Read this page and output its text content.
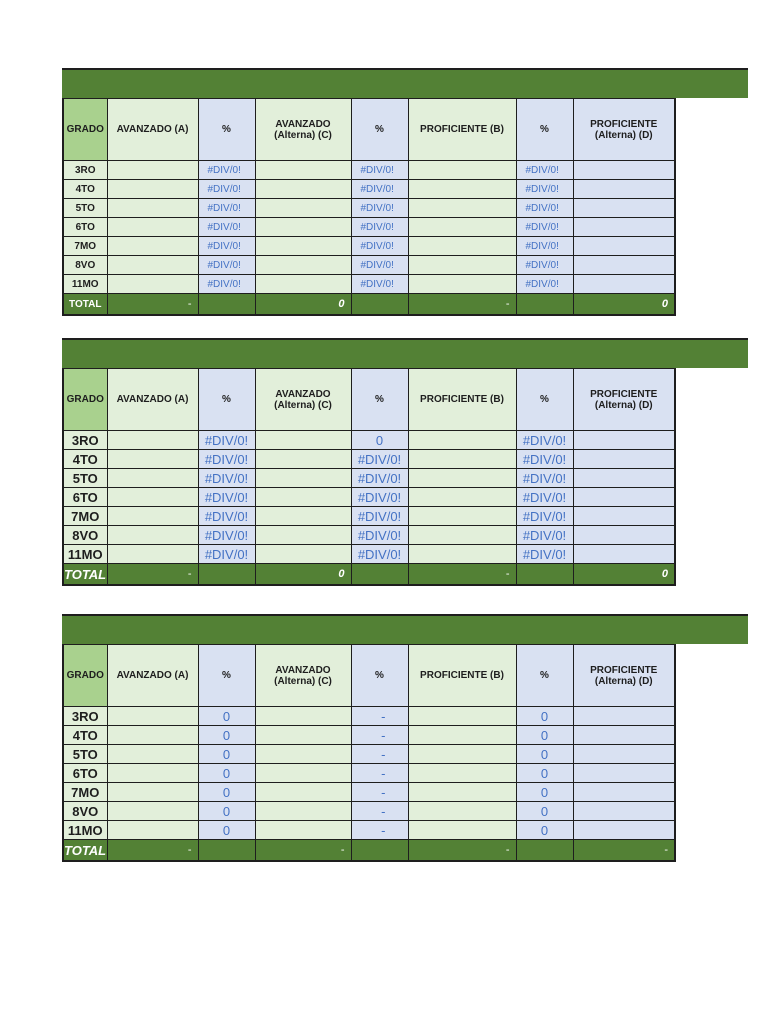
GRADO	AVANZADO (A)	%	AVANZADO
(Alterna) (C)	%	PROFICIENTE (B)	%	PROFICIENTE
(Alterna) (D)
3RO		#DIV/0!		#DIV/0!		#DIV/0!	
4TO		#DIV/0!		#DIV/0!		#DIV/0!	
5TO		#DIV/0!		#DIV/0!		#DIV/0!	
6TO		#DIV/0!		#DIV/0!		#DIV/0!	
7MO		#DIV/0!		#DIV/0!		#DIV/0!	
8VO		#DIV/0!		#DIV/0!		#DIV/0!	
11MO		#DIV/0!		#DIV/0!		#DIV/0!	
TOTAL	-		0		-		0
GRADO	AVANZADO (A)	%	AVANZADO
(Alterna) (C)	%	PROFICIENTE (B)	%	PROFICIENTE
(Alterna) (D)
3RO		#DIV/0!		0		#DIV/0!	
4TO		#DIV/0!		#DIV/0!		#DIV/0!	
5TO		#DIV/0!		#DIV/0!		#DIV/0!	
6TO		#DIV/0!		#DIV/0!		#DIV/0!	
7MO		#DIV/0!		#DIV/0!		#DIV/0!	
8VO		#DIV/0!		#DIV/0!		#DIV/0!	
11MO		#DIV/0!		#DIV/0!		#DIV/0!	
TOTAL	-		0		-		0
GRADO	AVANZADO (A)	%	AVANZADO
(Alterna) (C)	%	PROFICIENTE (B)	%	PROFICIENTE
(Alterna) (D)
3RO		0		-		0	
4TO		0		-		0	
5TO		0		-		0	
6TO		0		-		0	
7MO		0		-		0	
8VO		0		-		0	
11MO		0		-		0	
TOTAL	-		-		-		-
